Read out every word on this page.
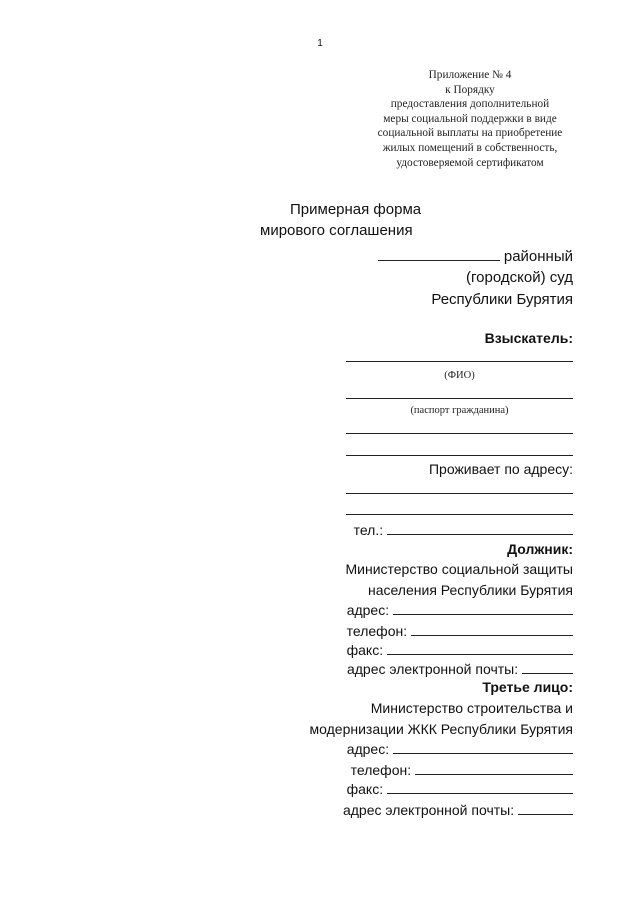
1
Приложение № 4
к Порядку
предоставления дополнительной
меры социальной поддержки в виде
социальной выплаты на приобретение
жилых помещений в собственность,
удостоверяемой сертификатом
Примерная форма
мирового соглашения
районный
(городской) суд
Республики Бурятия
Взыскатель:
(ФИО)
(паспорт гражданина)
Проживает по адресу:
тел.:
Должник:
Министерство социальной защиты
населения Республики Бурятия
адрес:
телефон:
факс:
адрес электронной почты:
Третье лицо:
Министерство строительства и
модернизации ЖКК Республики Бурятия
адрес:
телефон:
факс:
адрес электронной почты:
